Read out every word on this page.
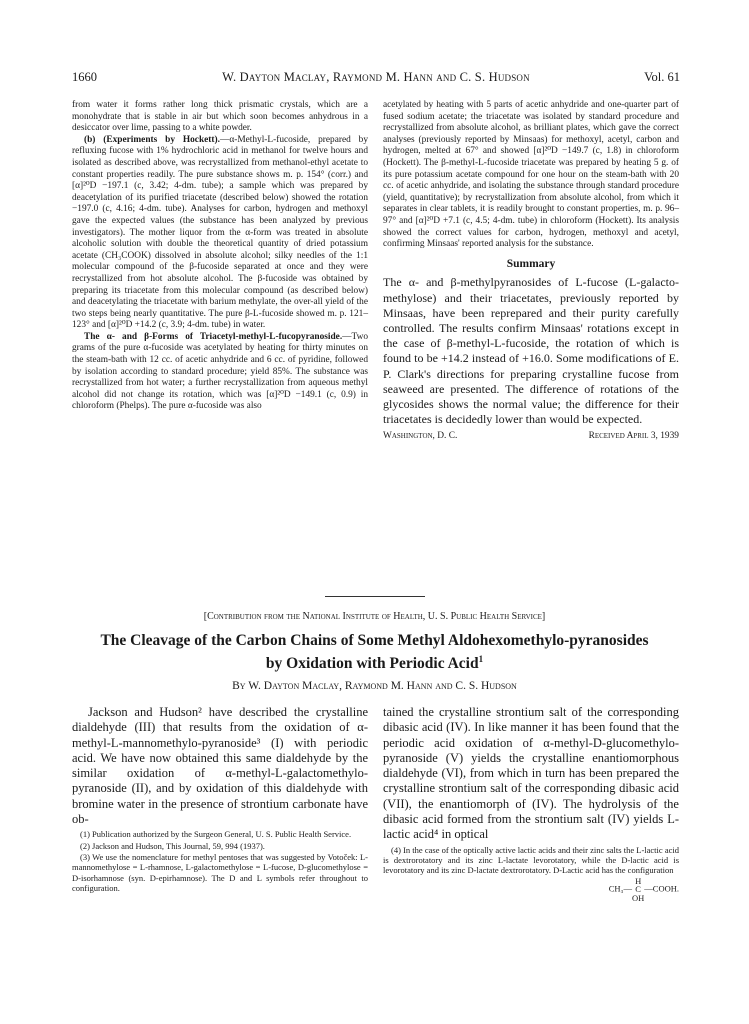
1660	W. Dayton Maclay, Raymond M. Hann and C. S. Hudson	Vol. 61

from water it forms rather long thick prismatic crystals, which are a monohydrate that is stable in air but which soon becomes anhydrous in a desiccator over lime, passing to a white powder.

(b) (Experiments by Hockett).—α-Methyl-L-fucoside, prepared by refluxing fucose with 1% hydrochloric acid in methanol for twelve hours and isolated as described above, was recrystallized from methanol-ethyl acetate to constant properties readily. The pure substance shows m. p. 154° (corr.) and [α]²⁰D −197.1 (c, 3.42; 4-dm. tube); a sample which was prepared by deacetylation of its purified triacetate (described below) showed the rotation −197.0 (c, 4.16; 4-dm. tube). Analyses for carbon, hydrogen and methoxyl gave the expected values (the substance has been analyzed by previous investigators). The mother liquor from the α-form was treated in absolute alcoholic solution with double the theoretical quantity of dried potassium acetate (CH₃COOK) dissolved in absolute alcohol; silky needles of the 1:1 molecular compound of the β-fucoside separated at once and they were recrystallized from hot absolute alcohol. The β-fucoside was obtained by preparing its triacetate from this molecular compound (as described below) and deacetylating the triacetate with barium methylate, the over-all yield of the two steps being nearly quantitative. The pure β-L-fucoside showed m. p. 121–123° and [α]²⁰D +14.2 (c, 3.9; 4-dm. tube) in water.

The α- and β-Forms of Triacetyl-methyl-L-fucopyranoside.—Two grams of the pure α-fucoside was acetylated by heating for thirty minutes on the steam-bath with 12 cc. of acetic anhydride and 6 cc. of pyridine, followed by isolation according to standard procedure; yield 85%. The substance was recrystallized from hot water; a further recrystallization from aqueous methyl alcohol did not change its rotation, which was [α]²⁰D −149.1 (c, 0.9) in chloroform (Phelps). The pure α-fucoside was also

acetylated by heating with 5 parts of acetic anhydride and one-quarter part of fused sodium acetate; the triacetate was isolated by standard procedure and recrystallized from absolute alcohol, as brilliant plates, which gave the correct analyses (previously reported by Minsaas) for methoxyl, acetyl, carbon and hydrogen, melted at 67° and showed [α]²⁰D −149.7 (c, 1.8) in chloroform (Hockett). The β-methyl-L-fucoside triacetate was prepared by heating 5 g. of its pure potassium acetate compound for one hour on the steam-bath with 20 cc. of acetic anhydride, and isolating the substance through standard procedure (yield, quantitative); by recrystallization from absolute alcohol, from which it separates in clear tablets, it is readily brought to constant properties, m. p. 96–97° and [α]²⁰D +7.1 (c, 4.5; 4-dm. tube) in chloroform (Hockett). Its analysis showed the correct values for carbon, hydrogen, methoxyl and acetyl, confirming Minsaas' reported analysis for the substance.

Summary

The α- and β-methylpyranosides of L-fucose (L-galacto-methylose) and their triacetates, previously reported by Minsaas, have been reprepared and their purity carefully controlled. The results confirm Minsaas' rotations except in the case of β-methyl-L-fucoside, the rotation of which is found to be +14.2 instead of +16.0. Some modifications of E. P. Clark's directions for preparing crystalline fucose from seaweed are presented. The difference of rotations of the glycosides shows the normal value; the difference for their triacetates is decidedly lower than would be expected.

Washington, D. C.	Received April 3, 1939
[Contribution from the National Institute of Health, U. S. Public Health Service]
The Cleavage of the Carbon Chains of Some Methyl Aldohexomethylo-pyranosides
by Oxidation with Periodic Acid$^1$
By W. Dayton Maclay, Raymond M. Hann and C. S. Hudson

Jackson and Hudson² have described the crystalline dialdehyde (III) that results from the oxidation of α-methyl-L-mannomethylo-pyranoside³ (I) with periodic acid. We have now obtained this same dialdehyde by the similar oxidation of α-methyl-L-galactomethylo-pyranoside (II), and by oxidation of this dialdehyde with bromine water in the presence of strontium carbonate have ob-

(1) Publication authorized by the Surgeon General, U. S. Public Health Service.

(2) Jackson and Hudson, This Journal, 59, 994 (1937).

(3) We use the nomenclature for methyl pentoses that was suggested by Votoček: L-mannomethylose = L-rhamnose, L-galactomethylose = L-fucose, D-glucomethylose = D-isorhamnose (syn. D-epirhamnose). The D and L symbols refer throughout to configuration.

tained the crystalline strontium salt of the corresponding dibasic acid (IV). In like manner it has been found that the periodic acid oxidation of α-methyl-D-glucomethylo-pyranoside (V) yields the crystalline enantiomorphous dialdehyde (VI), from which in turn has been prepared the crystalline strontium salt of the corresponding dibasic acid (VII), the enantiomorph of (IV). The hydrolysis of the dibasic acid formed from the strontium salt (IV) yields L-lactic acid⁴ in optical

(4) In the case of the optically active lactic acids and their zinc salts the L-lactic acid is dextrorotatory and its zinc L-lactate levorotatory, while the D-lactic acid is levorotatory and its zinc D-lactate dextrorotatory. D-Lactic acid has the configuration

CH₃—
H
C
OH
—COOH.
